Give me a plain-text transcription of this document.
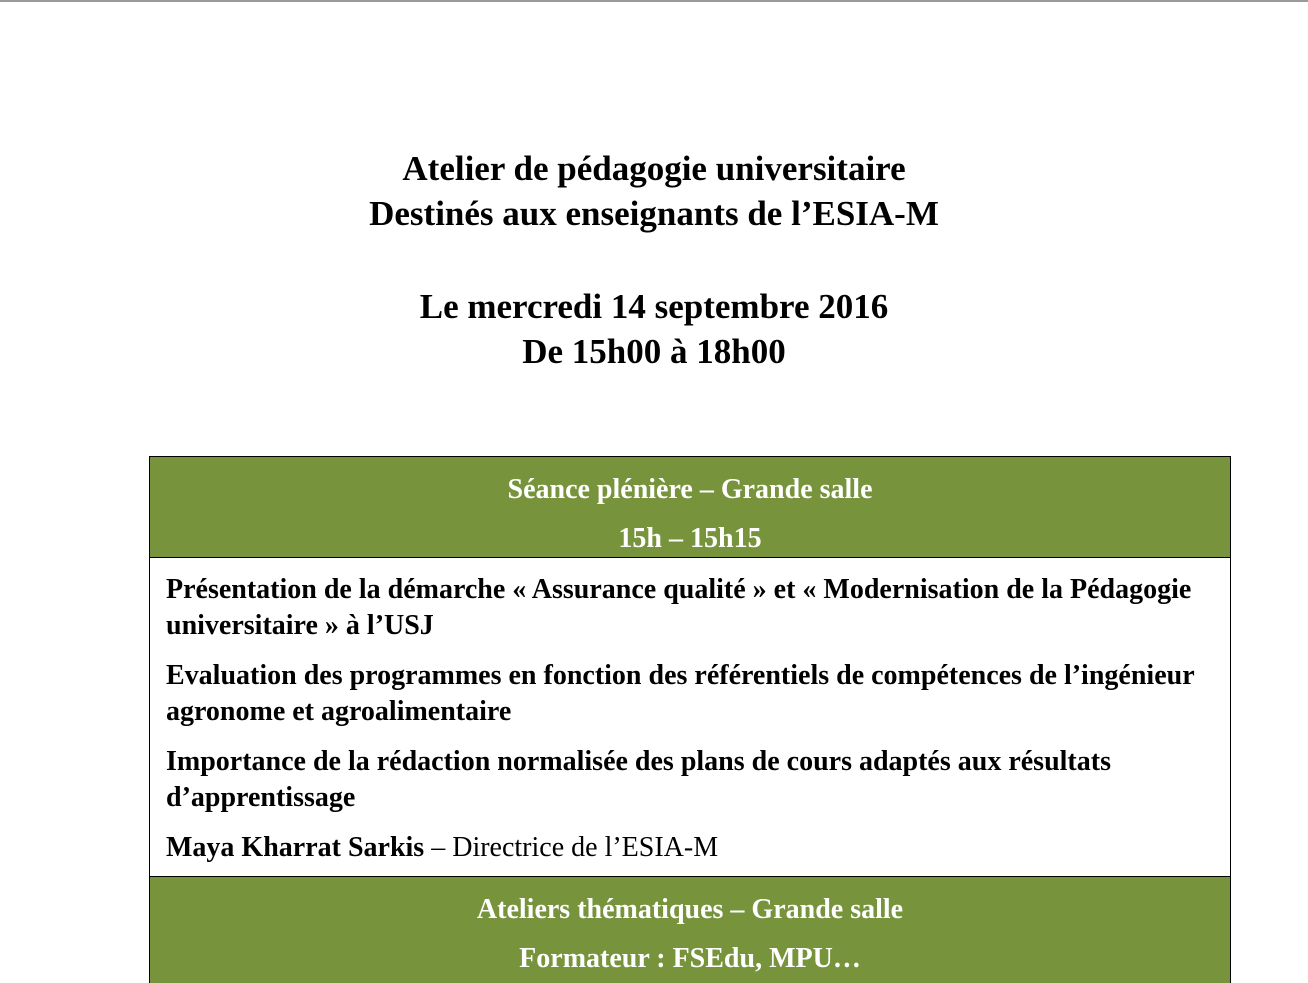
Atelier de pédagogie universitaire
Destinés aux enseignants de l’ESIA-M
Le mercredi 14 septembre 2016
De 15h00 à 18h00
Séance plénière – Grande salle
15h – 15h15

Présentation de la démarche « Assurance qualité » et « Modernisation de la Pédagogie universitaire » à l’USJ

Evaluation des programmes en fonction des référentiels de compétences de l’ingénieur agronome et agroalimentaire

Importance de la rédaction normalisée des plans de cours adaptés aux résultats d’apprentissage

Maya Kharrat Sarkis – Directrice de l’ESIA-M

Ateliers thématiques – Grande salle
Formateur : FSEdu, MPU…
